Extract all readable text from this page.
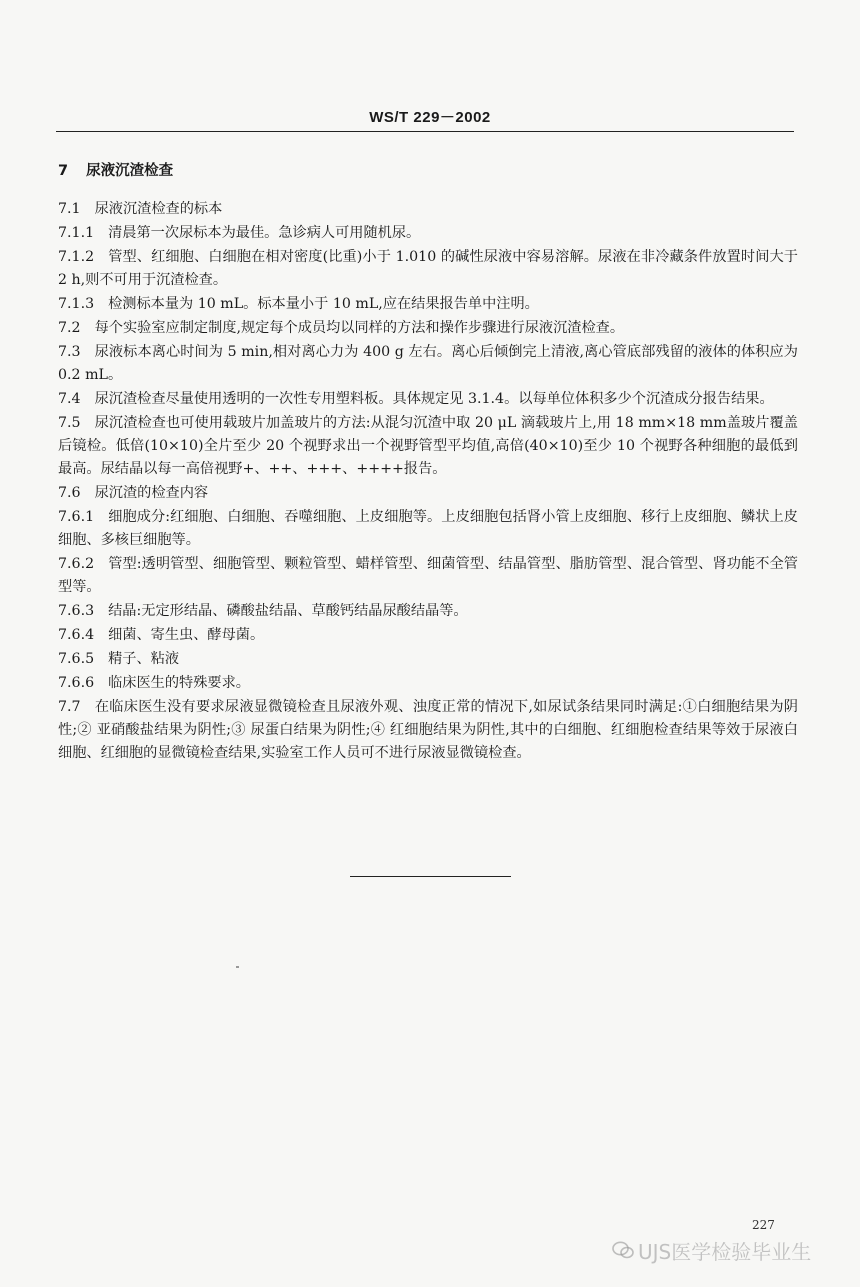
WS/T 229－2002
7 尿液沉渣检查

7.1 尿液沉渣检查的标本

7.1.1 清晨第一次尿标本为最佳。急诊病人可用随机尿。

7.1.2 管型、红细胞、白细胞在相对密度(比重)小于 1.010 的碱性尿液中容易溶解。尿液在非冷藏条件放置时间大于 2 h,则不可用于沉渣检查。

7.1.3 检测标本量为 10 mL。标本量小于 10 mL,应在结果报告单中注明。

7.2 每个实验室应制定制度,规定每个成员均以同样的方法和操作步骤进行尿液沉渣检查。

7.3 尿液标本离心时间为 5 min,相对离心力为 400 g 左右。离心后倾倒完上清液,离心管底部残留的液体的体积应为 0.2 mL。

7.4 尿沉渣检查尽量使用透明的一次性专用塑料板。具体规定见 3.1.4。以每单位体积多少个沉渣成分报告结果。

7.5 尿沉渣检查也可使用载玻片加盖玻片的方法:从混匀沉渣中取 20 μL 滴载玻片上,用 18 mm×18 mm盖玻片覆盖后镜检。低倍(10×10)全片至少 20 个视野求出一个视野管型平均值,高倍(40×10)至少 10 个视野各种细胞的最低到最高。尿结晶以每一高倍视野+、++、+++、++++报告。

7.6 尿沉渣的检查内容

7.6.1 细胞成分:红细胞、白细胞、吞噬细胞、上皮细胞等。上皮细胞包括肾小管上皮细胞、移行上皮细胞、鳞状上皮细胞、多核巨细胞等。

7.6.2 管型:透明管型、细胞管型、颗粒管型、蜡样管型、细菌管型、结晶管型、脂肪管型、混合管型、肾功能不全管型等。

7.6.3 结晶:无定形结晶、磷酸盐结晶、草酸钙结晶尿酸结晶等。

7.6.4 细菌、寄生虫、酵母菌。

7.6.5 精子、粘液

7.6.6 临床医生的特殊要求。

7.7 在临床医生没有要求尿液显微镜检查且尿液外观、浊度正常的情况下,如尿试条结果同时满足:①白细胞结果为阴性;② 亚硝酸盐结果为阴性;③ 尿蛋白结果为阴性;④ 红细胞结果为阴性,其中的白细胞、红细胞检查结果等效于尿液白细胞、红细胞的显微镜检查结果,实验室工作人员可不进行尿液显微镜检查。

227
UJS医学检验毕业生
